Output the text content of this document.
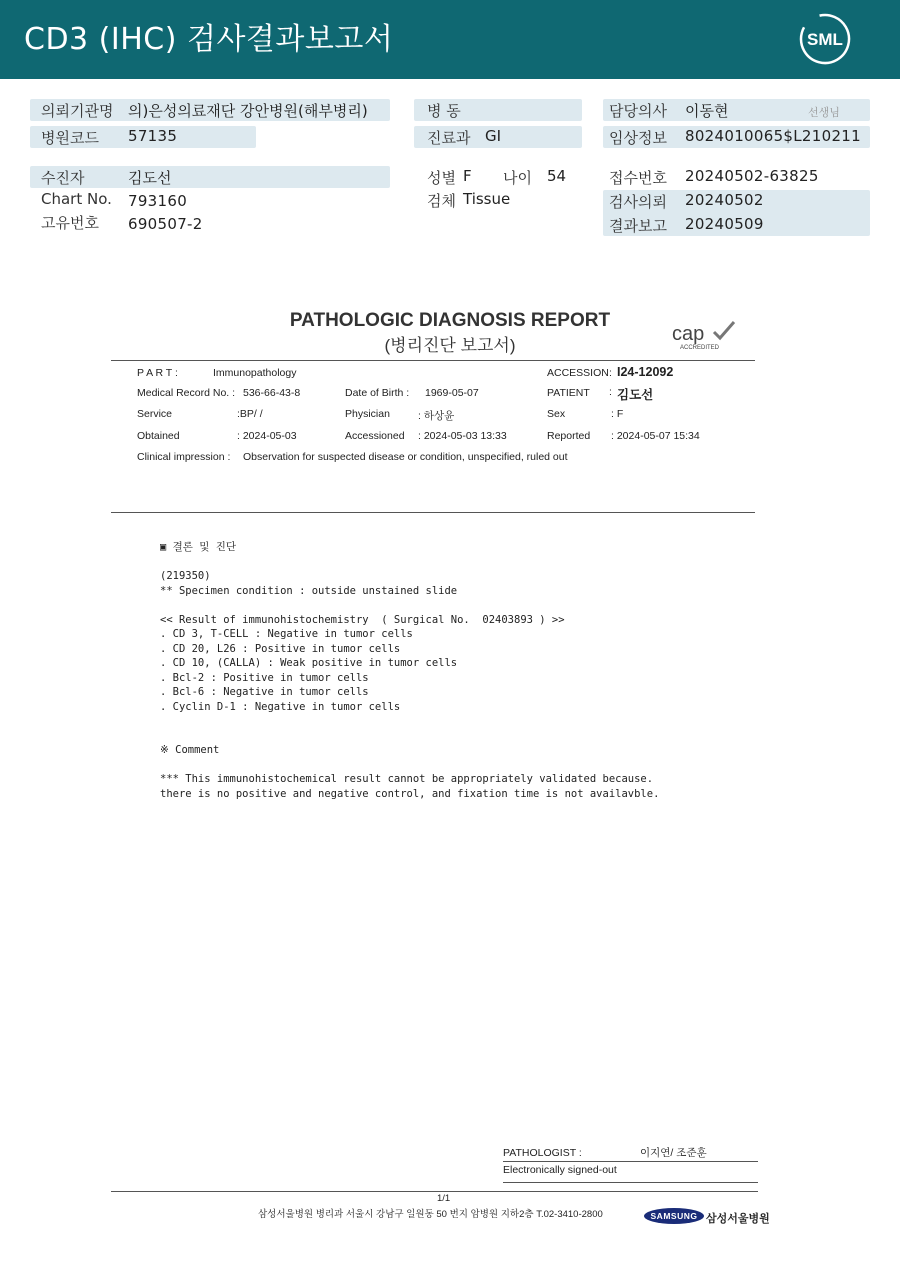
CD3 (IHC) 검사결과보고서	SML
의뢰기관명 의)은성의료재단 강안병원(해부병리)
병원코드 57135
수진자	김도선
Chart No. 793160
고유번호 690507-2
병 동
진료과 GI
성별 F 나이 54
검체 Tissue
담당의사 이동현	선생님
임상정보 8024010065$L210211
접수번호 20240502-63825
검사의뢰 20240502
결과보고 20240509
PATHOLOGIC DIAGNOSIS REPORT
(병리진단 보고서)
cap
ACCREDITED
P A R T :	Immunopathology	ACCESSION : I24-12092
Medical Record No. : 536-66-43-8	Date of Birth : 1969-05-07	PATIENT : 김도선
Service	:BP/ /	Physician	: 하상윤	Sex	: F
Obtained	: 2024-05-03	Accessioned : 2024-05-03 13:33	Reported : 2024-05-07 15:34
Clinical impression : Observation for suspected disease or condition, unspecified, ruled out
▣ 결론 및 진단

(219350)
** Specimen condition : outside unstained slide

<< Result of immunohistochemistry  ( Surgical No.  02403893 ) >>
. CD 3, T-CELL : Negative in tumor cells
. CD 20, L26 : Positive in tumor cells
. CD 10, (CALLA) : Weak positive in tumor cells
. Bcl-2 : Positive in tumor cells
. Bcl-6 : Negative in tumor cells
. Cyclin D-1 : Negative in tumor cells

※ Comment

*** This immunohistochemical result cannot be appropriately validated because.
there is no positive and negative control, and fixation time is not availavble.
PATHOLOGIST :	이지연/ 조준훈
Electronically signed-out
1/1
삼성서울병원 병리과 서울시 강남구 일원동 50 번지 암병원 지하2층 T.02-3410-2800	SAMSUNG 삼성서울병원
